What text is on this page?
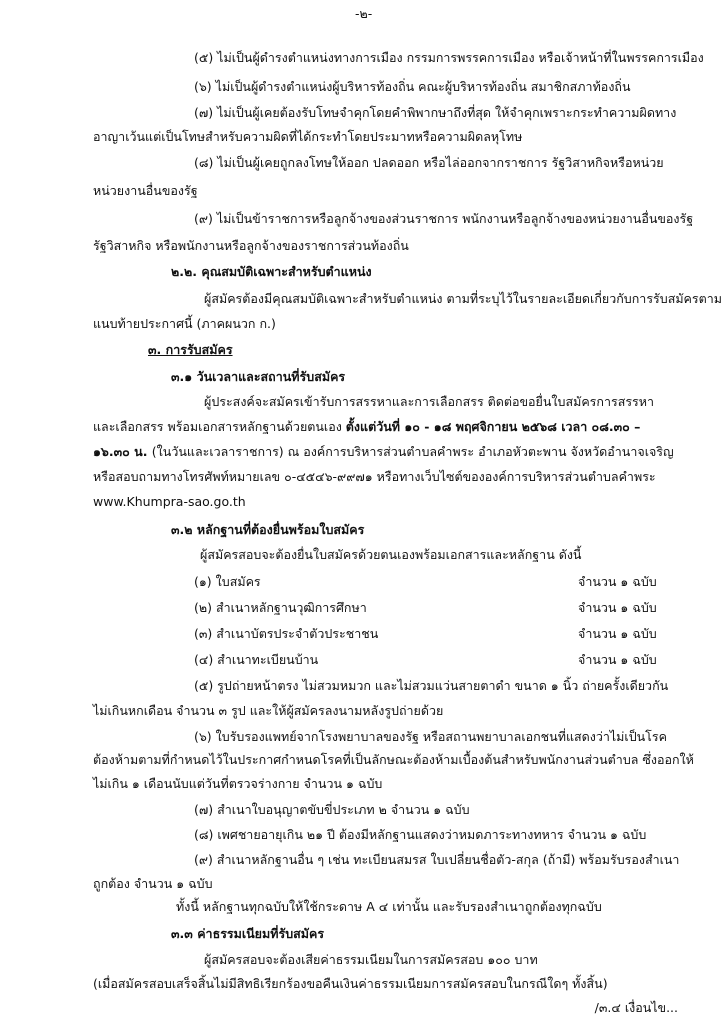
-๒-
(๕) ไม่เป็นผู้ดำรงตำแหน่งทางการเมือง กรรมการพรรคการเมือง หรือเจ้าหน้าที่ในพรรคการเมือง
(๖) ไม่เป็นผู้ดำรงตำแหน่งผู้บริหารท้องถิ่น คณะผู้บริหารท้องถิ่น สมาชิกสภาท้องถิ่น
(๗) ไม่เป็นผู้เคยต้องรับโทษจำคุกโดยคำพิพากษาถึงที่สุด ให้จำคุกเพราะกระทำความผิดทาง
อาญาเว้นแต่เป็นโทษสำหรับความผิดที่ได้กระทำโดยประมาทหรือความผิดลหุโทษ
(๘) ไม่เป็นผู้เคยถูกลงโทษให้ออก ปลดออก หรือไล่ออกจากราชการ รัฐวิสาหกิจหรือหน่วย
หน่วยงานอื่นของรัฐ
(๙) ไม่เป็นข้าราชการหรือลูกจ้างของส่วนราชการ พนักงานหรือลูกจ้างของหน่วยงานอื่นของรัฐ
รัฐวิสาหกิจ หรือพนักงานหรือลูกจ้างของราชการส่วนท้องถิ่น
๒.๒. คุณสมบัติเฉพาะสำหรับตำแหน่ง
ผู้สมัครต้องมีคุณสมบัติเฉพาะสำหรับตำแหน่ง ตามที่ระบุไว้ในรายละเอียดเกี่ยวกับการรับสมัครตาม
แนบท้ายประกาศนี้ (ภาคผนวก ก.)
๓. การรับสมัคร
๓.๑ วันเวลาและสถานที่รับสมัคร
ผู้ประสงค์จะสมัครเข้ารับการสรรหาและการเลือกสรร ติดต่อขอยื่นใบสมัครการสรรหา
และเลือกสรร พร้อมเอกสารหลักฐานด้วยตนเอง ตั้งแต่วันที่ ๑๐ - ๑๘ พฤศจิกายน ๒๕๖๘ เวลา ๐๘.๓๐ –
๑๖.๓๐ น. (ในวันและเวลาราชการ) ณ องค์การบริหารส่วนตำบลคำพระ อำเภอหัวตะพาน จังหวัดอำนาจเจริญ
หรือสอบถามทางโทรศัพท์หมายเลข ๐-๔๕๔๖-๙๙๗๑ หรือทางเว็บไซต์ขององค์การบริหารส่วนตำบลคำพระ
www.Khumpra-sao.go.th
๓.๒ หลักฐานที่ต้องยื่นพร้อมใบสมัคร
ผู้สมัครสอบจะต้องยื่นใบสมัครด้วยตนเองพร้อมเอกสารและหลักฐาน ดังนี้
(๑) ใบสมัคร	จำนวน ๑ ฉบับ
(๒) สำเนาหลักฐานวุฒิการศึกษา	จำนวน ๑ ฉบับ
(๓) สำเนาบัตรประจำตัวประชาชน	จำนวน ๑ ฉบับ
(๔) สำเนาทะเบียนบ้าน	จำนวน ๑ ฉบับ
(๕) รูปถ่ายหน้าตรง ไม่สวมหมวก และไม่สวมแว่นสายตาดำ ขนาด ๑ นิ้ว ถ่ายครั้งเดียวกัน
ไม่เกินหกเดือน จำนวน ๓ รูป และให้ผู้สมัครลงนามหลังรูปถ่ายด้วย
(๖) ใบรับรองแพทย์จากโรงพยาบาลของรัฐ หรือสถานพยาบาลเอกชนที่แสดงว่าไม่เป็นโรค
ต้องห้ามตามที่กำหนดไว้ในประกาศกำหนดโรคที่เป็นลักษณะต้องห้ามเบื้องต้นสำหรับพนักงานส่วนตำบล ซึ่งออกให้
ไม่เกิน ๑ เดือนนับแต่วันที่ตรวจร่างกาย จำนวน ๑ ฉบับ
(๗) สำเนาใบอนุญาตขับขี่ประเภท ๒ จำนวน ๑ ฉบับ
(๘) เพศชายอายุเกิน ๒๑ ปี ต้องมีหลักฐานแสดงว่าหมดภาระทางทหาร จำนวน ๑ ฉบับ
(๙) สำเนาหลักฐานอื่น ๆ เช่น ทะเบียนสมรส ใบเปลี่ยนชื่อตัว-สกุล (ถ้ามี) พร้อมรับรองสำเนา
ถูกต้อง จำนวน ๑ ฉบับ
ทั้งนี้ หลักฐานทุกฉบับให้ใช้กระดาษ A ๔ เท่านั้น และรับรองสำเนาถูกต้องทุกฉบับ
๓.๓ ค่าธรรมเนียมที่รับสมัคร
ผู้สมัครสอบจะต้องเสียค่าธรรมเนียมในการสมัครสอบ ๑๐๐ บาท
(เมื่อสมัครสอบเสร็จสิ้นไม่มีสิทธิเรียกร้องขอคืนเงินค่าธรรมเนียมการสมัครสอบในกรณีใดๆ ทั้งสิ้น)
/๓.๔ เงื่อนไข...
